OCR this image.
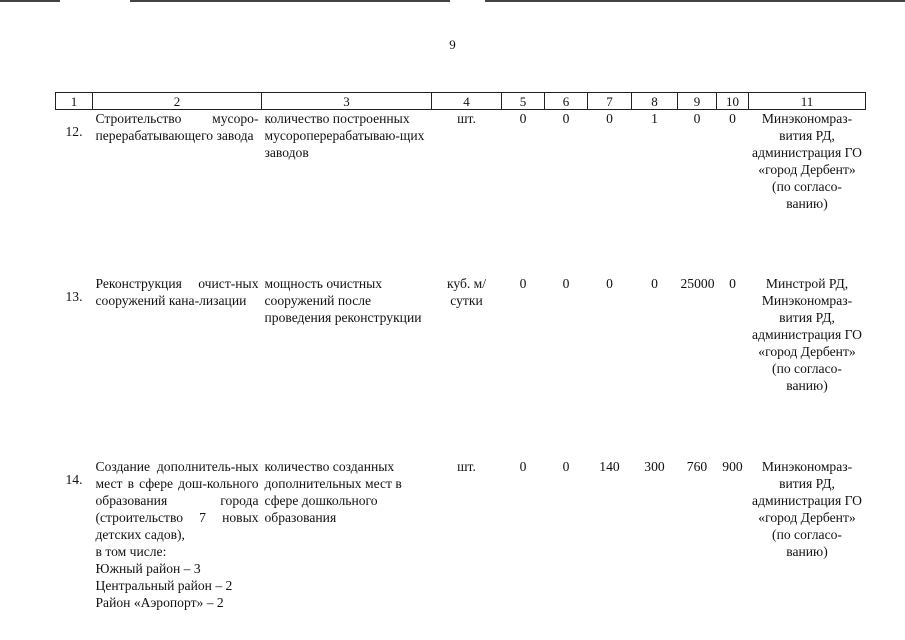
9
1	2	3	4	5	6	7	8	9	10	11
12.	Строительство мусоро-перерабатывающего завода	количество построенных мусороперерабатываю-щих заводов	шт.	0	0	0	1	0	0	Минэкономраз-вития РД, администрация ГО «город Дербент» (по согласо-ванию)
13.	Реконструкция очист-ных сооружений кана-лизации	мощность очистных сооружений после проведения реконструкции	куб. м/сутки	0	0	0	0	25000	0	Минстрой РД, Минэкономраз-вития РД, администрация ГО «город Дербент» (по согласо-ванию)
14.	Создание дополнитель-ных мест в сфере дош-кольного образования города (строительство 7 новых детских садов),
в том числе:
Южный район – 3
Центральный район – 2
Район «Аэропорт» – 2	количество созданных дополнительных мест в сфере дошкольного образования	шт.	0	0	140	300	760	900	Минэкономраз-вития РД, администрация ГО «город Дербент» (по согласо-ванию)
